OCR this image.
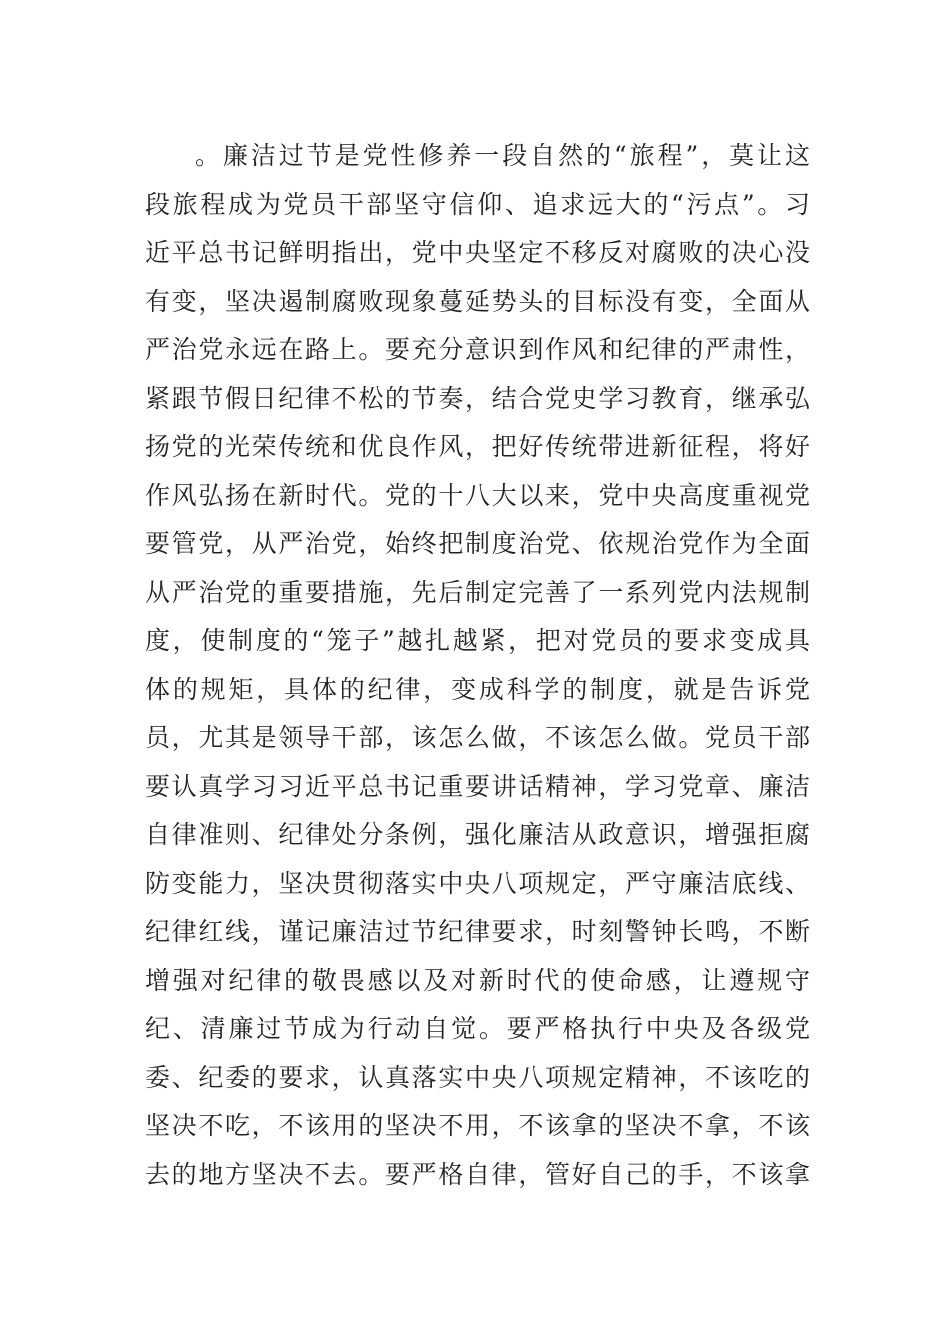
。廉洁过节是党性修养一段自然的“旅程”，莫让这
段旅程成为党员干部坚守信仰、追求远大的“污点”。习
近平总书记鲜明指出，党中央坚定不移反对腐败的决心没
有变，坚决遏制腐败现象蔓延势头的目标没有变，全面从
严治党永远在路上。要充分意识到作风和纪律的严肃性，
紧跟节假日纪律不松的节奏，结合党史学习教育，继承弘
扬党的光荣传统和优良作风，把好传统带进新征程，将好
作风弘扬在新时代。党的十八大以来，党中央高度重视党
要管党，从严治党，始终把制度治党、依规治党作为全面
从严治党的重要措施，先后制定完善了一系列党内法规制
度，使制度的“笼子”越扎越紧，把对党员的要求变成具
体的规矩，具体的纪律，变成科学的制度，就是告诉党
员，尤其是领导干部，该怎么做，不该怎么做。党员干部
要认真学习习近平总书记重要讲话精神，学习党章、廉洁
自律准则、纪律处分条例，强化廉洁从政意识，增强拒腐
防变能力，坚决贯彻落实中央八项规定，严守廉洁底线、
纪律红线，谨记廉洁过节纪律要求，时刻警钟长鸣，不断
增强对纪律的敬畏感以及对新时代的使命感，让遵规守
纪、清廉过节成为行动自觉。要严格执行中央及各级党
委、纪委的要求，认真落实中央八项规定精神，不该吃的
坚决不吃，不该用的坚决不用，不该拿的坚决不拿，不该
去的地方坚决不去。要严格自律，管好自己的手，不该拿
